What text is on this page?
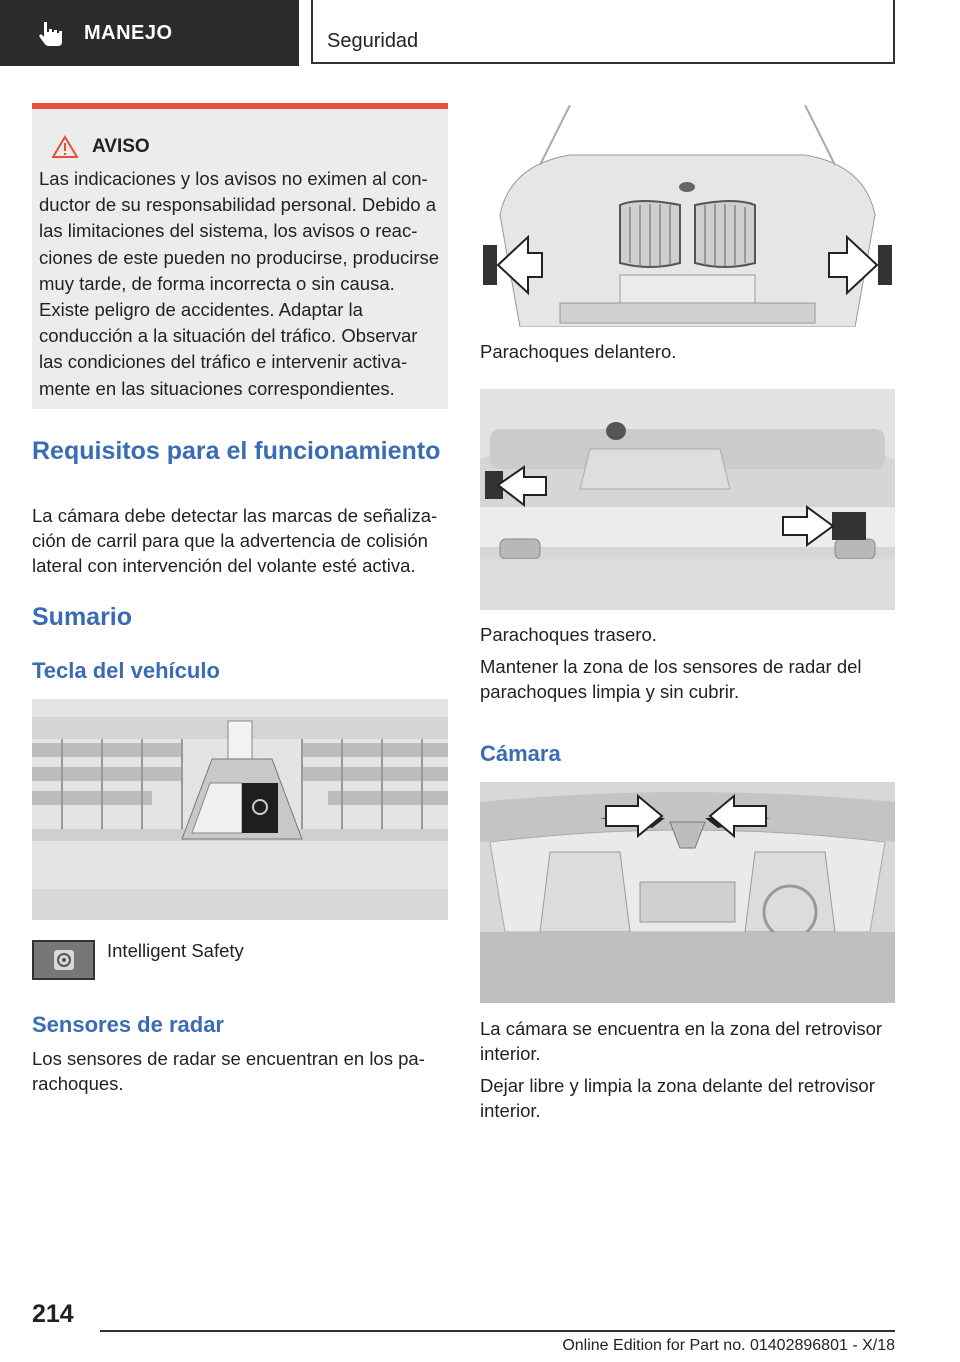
MANEJO	Seguridad
AVISO
Las indicaciones y los avisos no eximen al conductor de su responsabilidad personal. Debido a las limitaciones del sistema, los avisos o reacciones de este pueden no producirse, producirse muy tarde, de forma incorrecta o sin causa. Existe peligro de accidentes. Adaptar la conducción a la situación del tráfico. Observar las condiciones del tráfico e intervenir activamente en las situaciones correspondientes.
Requisitos para el funcionamiento
La cámara debe detectar las marcas de señalización de carril para que la advertencia de colisión lateral con intervención del volante esté activa.
Sumario
Tecla del vehículo
Intelligent Safety
Sensores de radar
Los sensores de radar se encuentran en los parachoques.
Parachoques delantero.
Parachoques trasero.
Mantener la zona de los sensores de radar del parachoques limpia y sin cubrir.
Cámara
La cámara se encuentra en la zona del retrovisor interior.
Dejar libre y limpia la zona delante del retrovisor interior.
214
Online Edition for Part no. 01402896801 - X/18
